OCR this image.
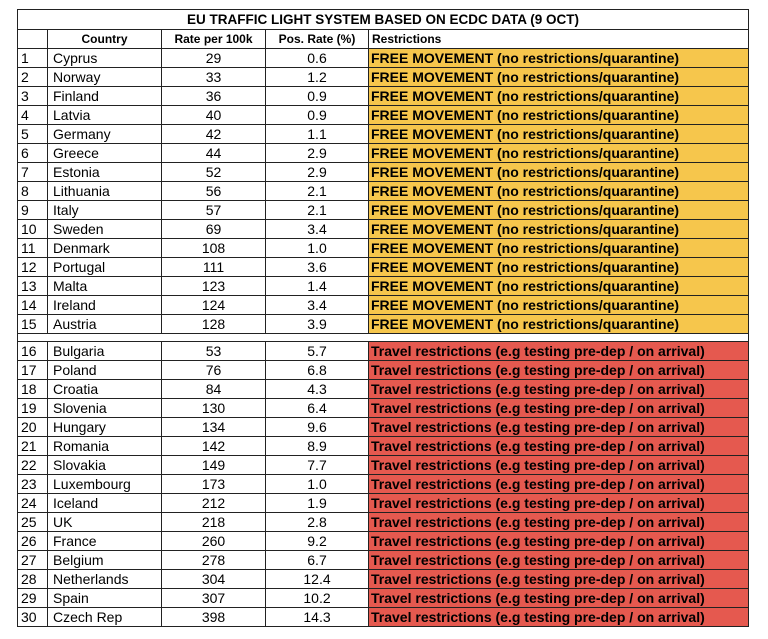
EU TRAFFIC LIGHT SYSTEM BASED ON ECDC DATA (9 OCT)				
	Country	Rate per 100k	Pos. Rate (%)	Restrictions
1	Cyprus	29	0.6	FREE MOVEMENT (no restrictions/quarantine)
2	Norway	33	1.2	FREE MOVEMENT (no restrictions/quarantine)
3	Finland	36	0.9	FREE MOVEMENT (no restrictions/quarantine)
4	Latvia	40	0.9	FREE MOVEMENT (no restrictions/quarantine)
5	Germany	42	1.1	FREE MOVEMENT (no restrictions/quarantine)
6	Greece	44	2.9	FREE MOVEMENT (no restrictions/quarantine)
7	Estonia	52	2.9	FREE MOVEMENT (no restrictions/quarantine)
8	Lithuania	56	2.1	FREE MOVEMENT (no restrictions/quarantine)
9	Italy	57	2.1	FREE MOVEMENT (no restrictions/quarantine)
10	Sweden	69	3.4	FREE MOVEMENT (no restrictions/quarantine)
11	Denmark	108	1.0	FREE MOVEMENT (no restrictions/quarantine)
12	Portugal	111	3.6	FREE MOVEMENT (no restrictions/quarantine)
13	Malta	123	1.4	FREE MOVEMENT (no restrictions/quarantine)
14	Ireland	124	3.4	FREE MOVEMENT (no restrictions/quarantine)
15	Austria	128	3.9	FREE MOVEMENT (no restrictions/quarantine)

16	Bulgaria	53	5.7	Travel restrictions (e.g testing pre-dep / on arrival)
17	Poland	76	6.8	Travel restrictions (e.g testing pre-dep / on arrival)
18	Croatia	84	4.3	Travel restrictions (e.g testing pre-dep / on arrival)
19	Slovenia	130	6.4	Travel restrictions (e.g testing pre-dep / on arrival)
20	Hungary	134	9.6	Travel restrictions (e.g testing pre-dep / on arrival)
21	Romania	142	8.9	Travel restrictions (e.g testing pre-dep / on arrival)
22	Slovakia	149	7.7	Travel restrictions (e.g testing pre-dep / on arrival)
23	Luxembourg	173	1.0	Travel restrictions (e.g testing pre-dep / on arrival)
24	Iceland	212	1.9	Travel restrictions (e.g testing pre-dep / on arrival)
25	UK	218	2.8	Travel restrictions (e.g testing pre-dep / on arrival)
26	France	260	9.2	Travel restrictions (e.g testing pre-dep / on arrival)
27	Belgium	278	6.7	Travel restrictions (e.g testing pre-dep / on arrival)
28	Netherlands	304	12.4	Travel restrictions (e.g testing pre-dep / on arrival)
29	Spain	307	10.2	Travel restrictions (e.g testing pre-dep / on arrival)
30	Czech Rep	398	14.3	Travel restrictions (e.g testing pre-dep / on arrival)
